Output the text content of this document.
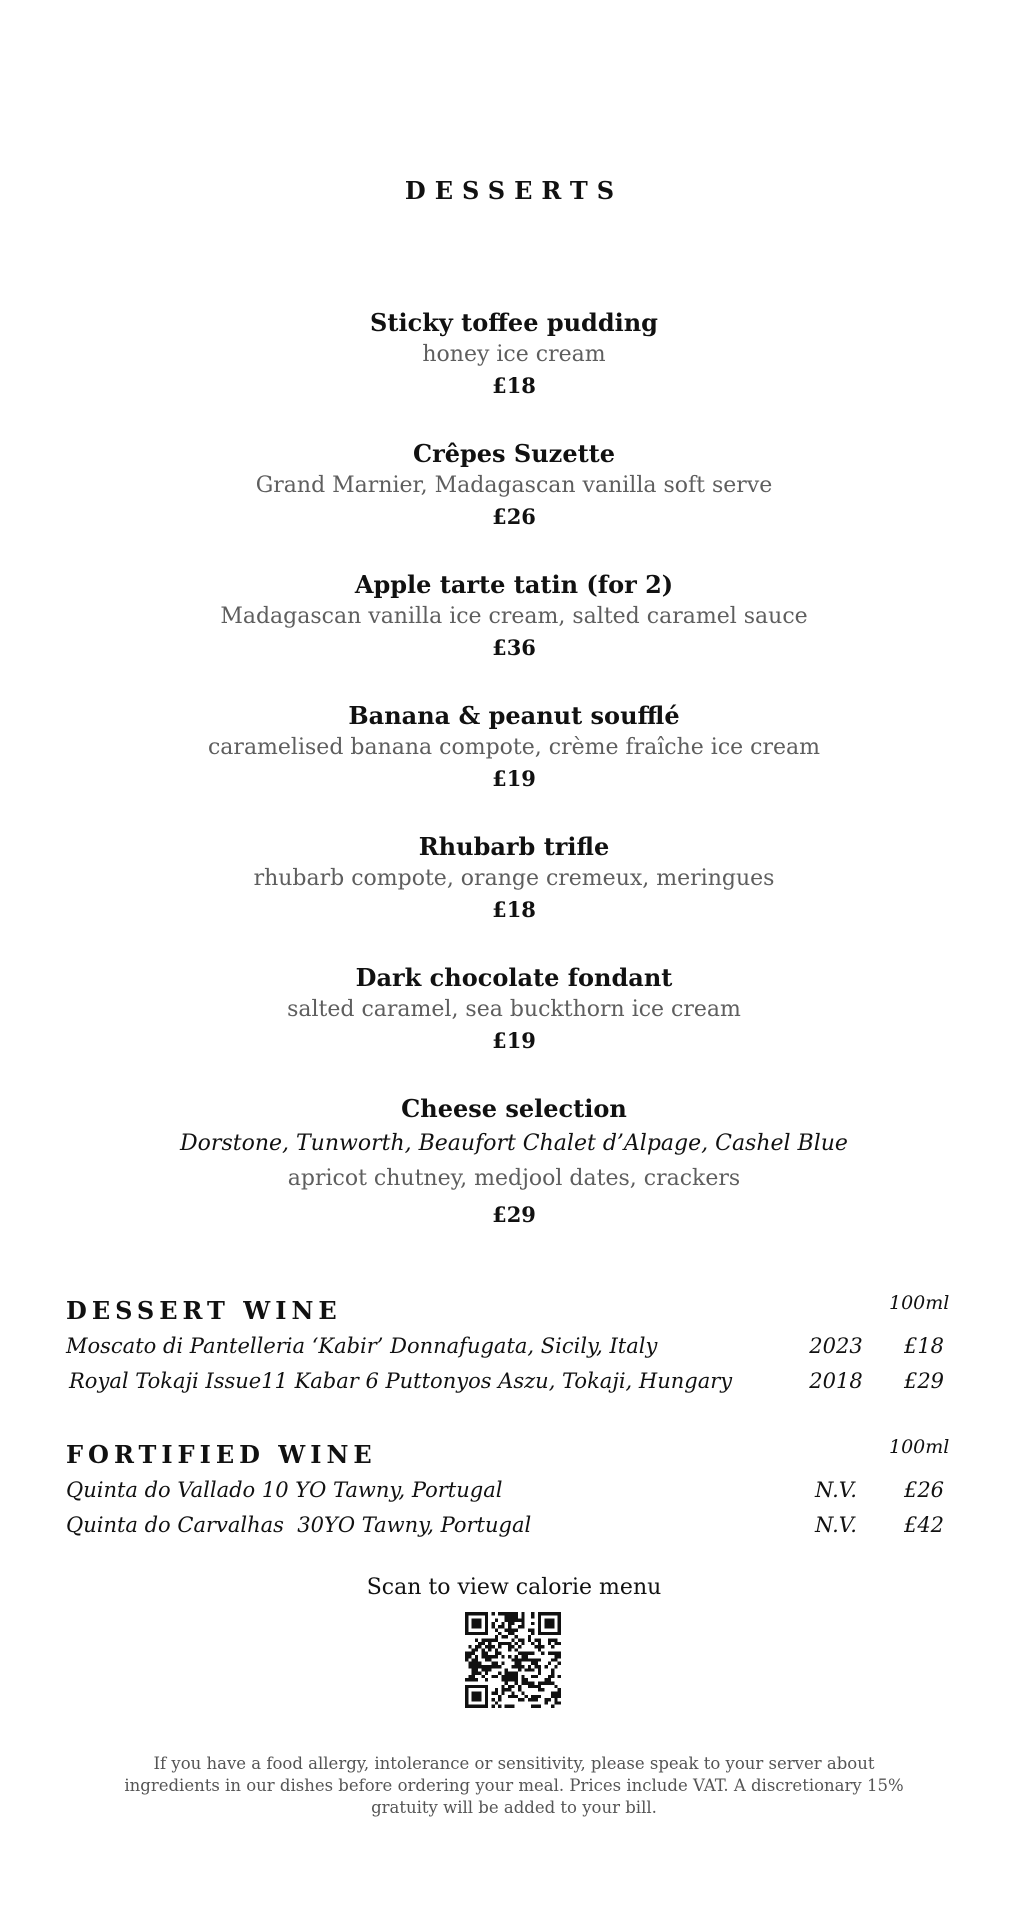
DESSERTS
Sticky toffee pudding
honey ice cream
£18
Crêpes Suzette
Grand Marnier, Madagascan vanilla soft serve
£26
Apple tarte tatin (for 2)
Madagascan vanilla ice cream, salted caramel sauce
£36
Banana & peanut soufflé
caramelised banana compote, crème fraîche ice cream
£19
Rhubarb trifle
rhubarb compote, orange cremeux, meringues
£18
Dark chocolate fondant
salted caramel, sea buckthorn ice cream
£19
Cheese selection
Dorstone, Tunworth, Beaufort Chalet d’Alpage, Cashel Blue
apricot chutney, medjool dates, crackers
£29
DESSERT WINE	100ml
Moscato di Pantelleria ‘Kabir’ Donnafugata, Sicily, Italy	2023	£18
Royal Tokaji Issue11 Kabar 6 Puttonyos Aszu, Tokaji, Hungary	2018	£29
FORTIFIED WINE	100ml
Quinta do Vallado 10 YO Tawny, Portugal	N.V.	£26
Quinta do Carvalhas  30YO Tawny, Portugal	N.V.	£42
Scan to view calorie menu
If you have a food allergy, intolerance or sensitivity, please speak to your server about ingredients in our dishes before ordering your meal. Prices include VAT. A discretionary 15% gratuity will be added to your bill.
